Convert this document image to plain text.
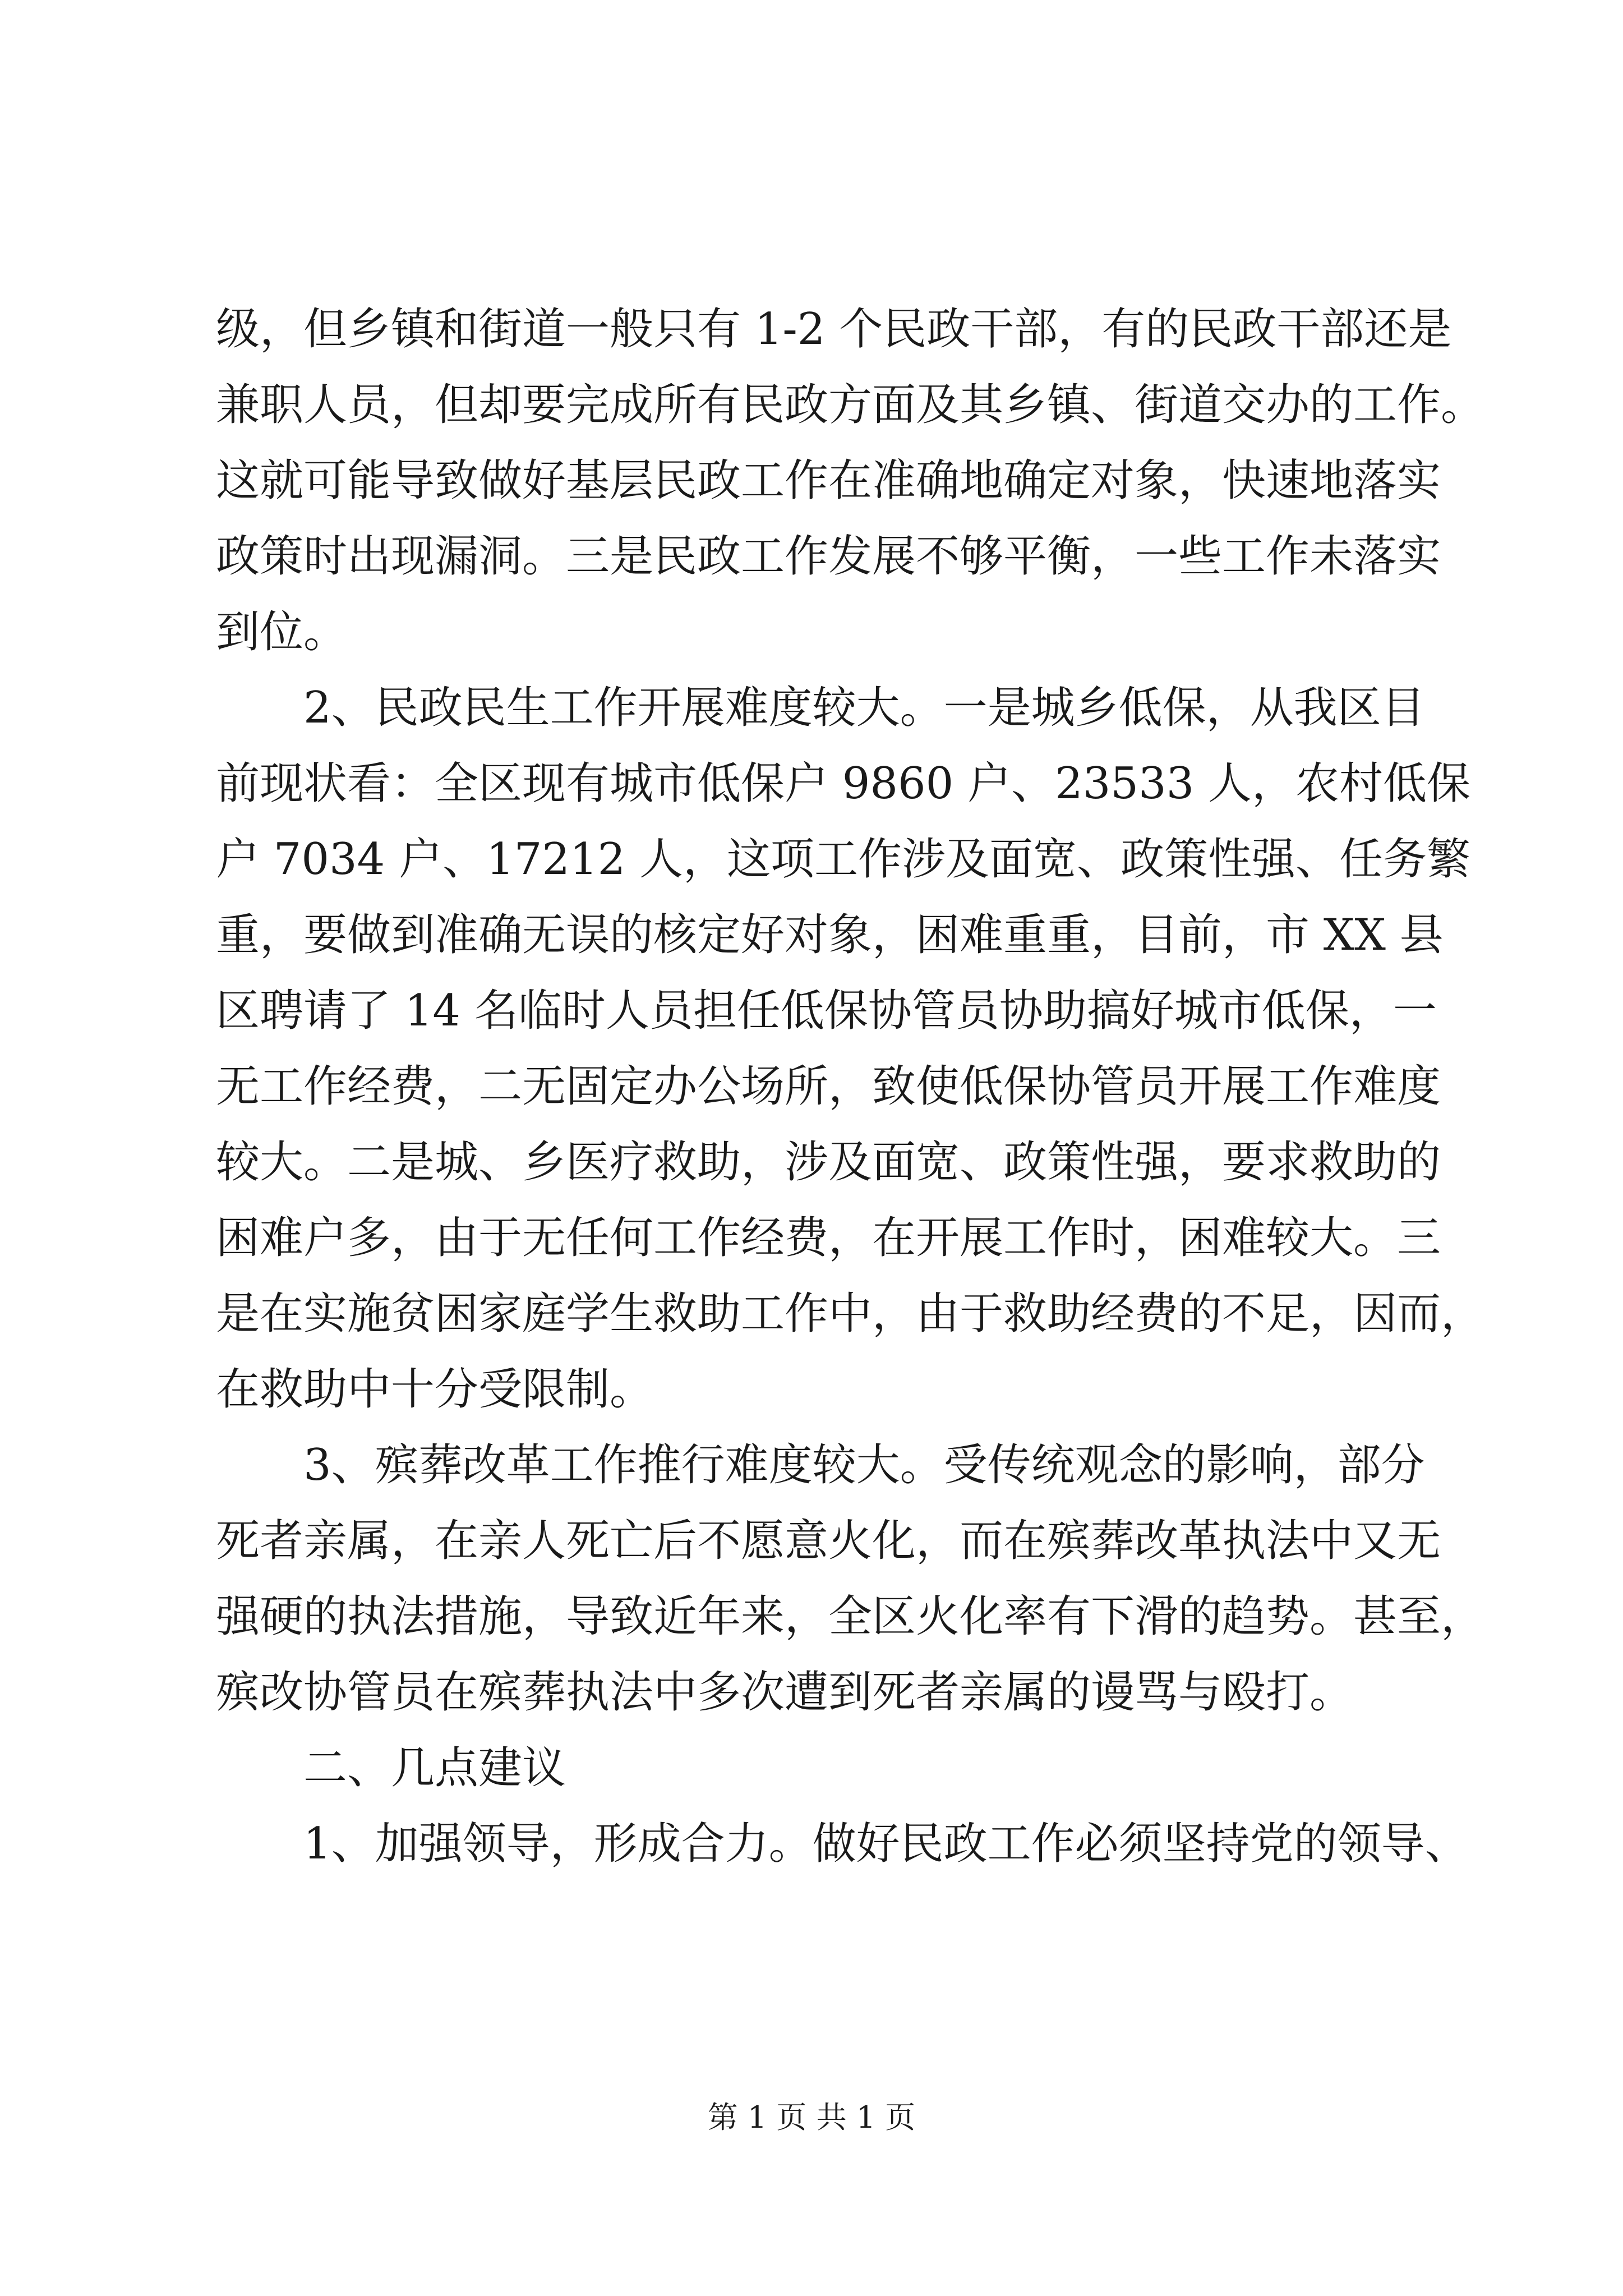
级，但乡镇和街道一般只有 1-2 个民政干部，有的民政干部还是
兼职人员，但却要完成所有民政方面及其乡镇、街道交办的工作。
这就可能导致做好基层民政工作在准确地确定对象，快速地落实
政策时出现漏洞。三是民政工作发展不够平衡，一些工作未落实
到位。
2、民政民生工作开展难度较大。一是城乡低保，从我区目
前现状看：全区现有城市低保户 9860 户、23533 人，农村低保
户 7034 户、17212 人，这项工作涉及面宽、政策性强、任务繁
重，要做到准确无误的核定好对象，困难重重，目前，市 XX 县
区聘请了 14 名临时人员担任低保协管员协助搞好城市低保，一
无工作经费，二无固定办公场所，致使低保协管员开展工作难度
较大。二是城、乡医疗救助，涉及面宽、政策性强，要求救助的
困难户多，由于无任何工作经费，在开展工作时，困难较大。三
是在实施贫困家庭学生救助工作中，由于救助经费的不足，因而，
在救助中十分受限制。
3、殡葬改革工作推行难度较大。受传统观念的影响，部分
死者亲属，在亲人死亡后不愿意火化，而在殡葬改革执法中又无
强硬的执法措施，导致近年来，全区火化率有下滑的趋势。甚至，
殡改协管员在殡葬执法中多次遭到死者亲属的谩骂与殴打。
二、几点建议
1、加强领导，形成合力。做好民政工作必须坚持党的领导、
第 1 页 共 1 页
